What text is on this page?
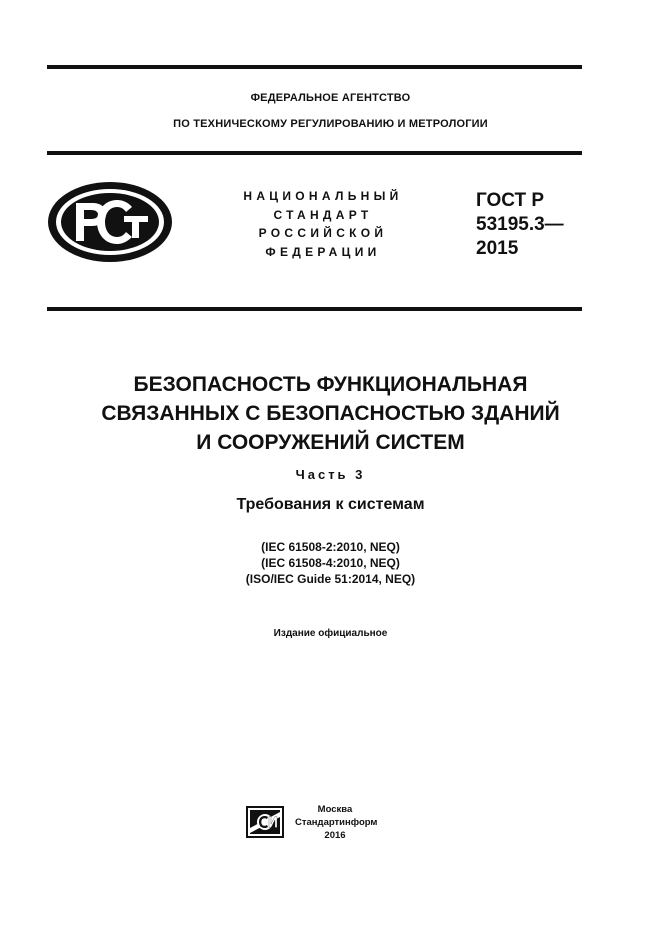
ФЕДЕРАЛЬНОЕ АГЕНТСТВО
ПО ТЕХНИЧЕСКОМУ РЕГУЛИРОВАНИЮ И МЕТРОЛОГИИ
НАЦИОНАЛЬНЫЙ
СТАНДАРТ
РОССИЙСКОЙ
ФЕДЕРАЦИИ
ГОСТ Р
53195.3—
2015
БЕЗОПАСНОСТЬ ФУНКЦИОНАЛЬНАЯ
СВЯЗАННЫХ С БЕЗОПАСНОСТЬЮ ЗДАНИЙ
И СООРУЖЕНИЙ СИСТЕМ
Часть 3
Требования к системам
(IEC 61508-2:2010, NEQ)
(IEC 61508-4:2010, NEQ)
(ISO/IEC Guide 51:2014, NEQ)
Издание официальное
Москва
Стандартинформ
2016
